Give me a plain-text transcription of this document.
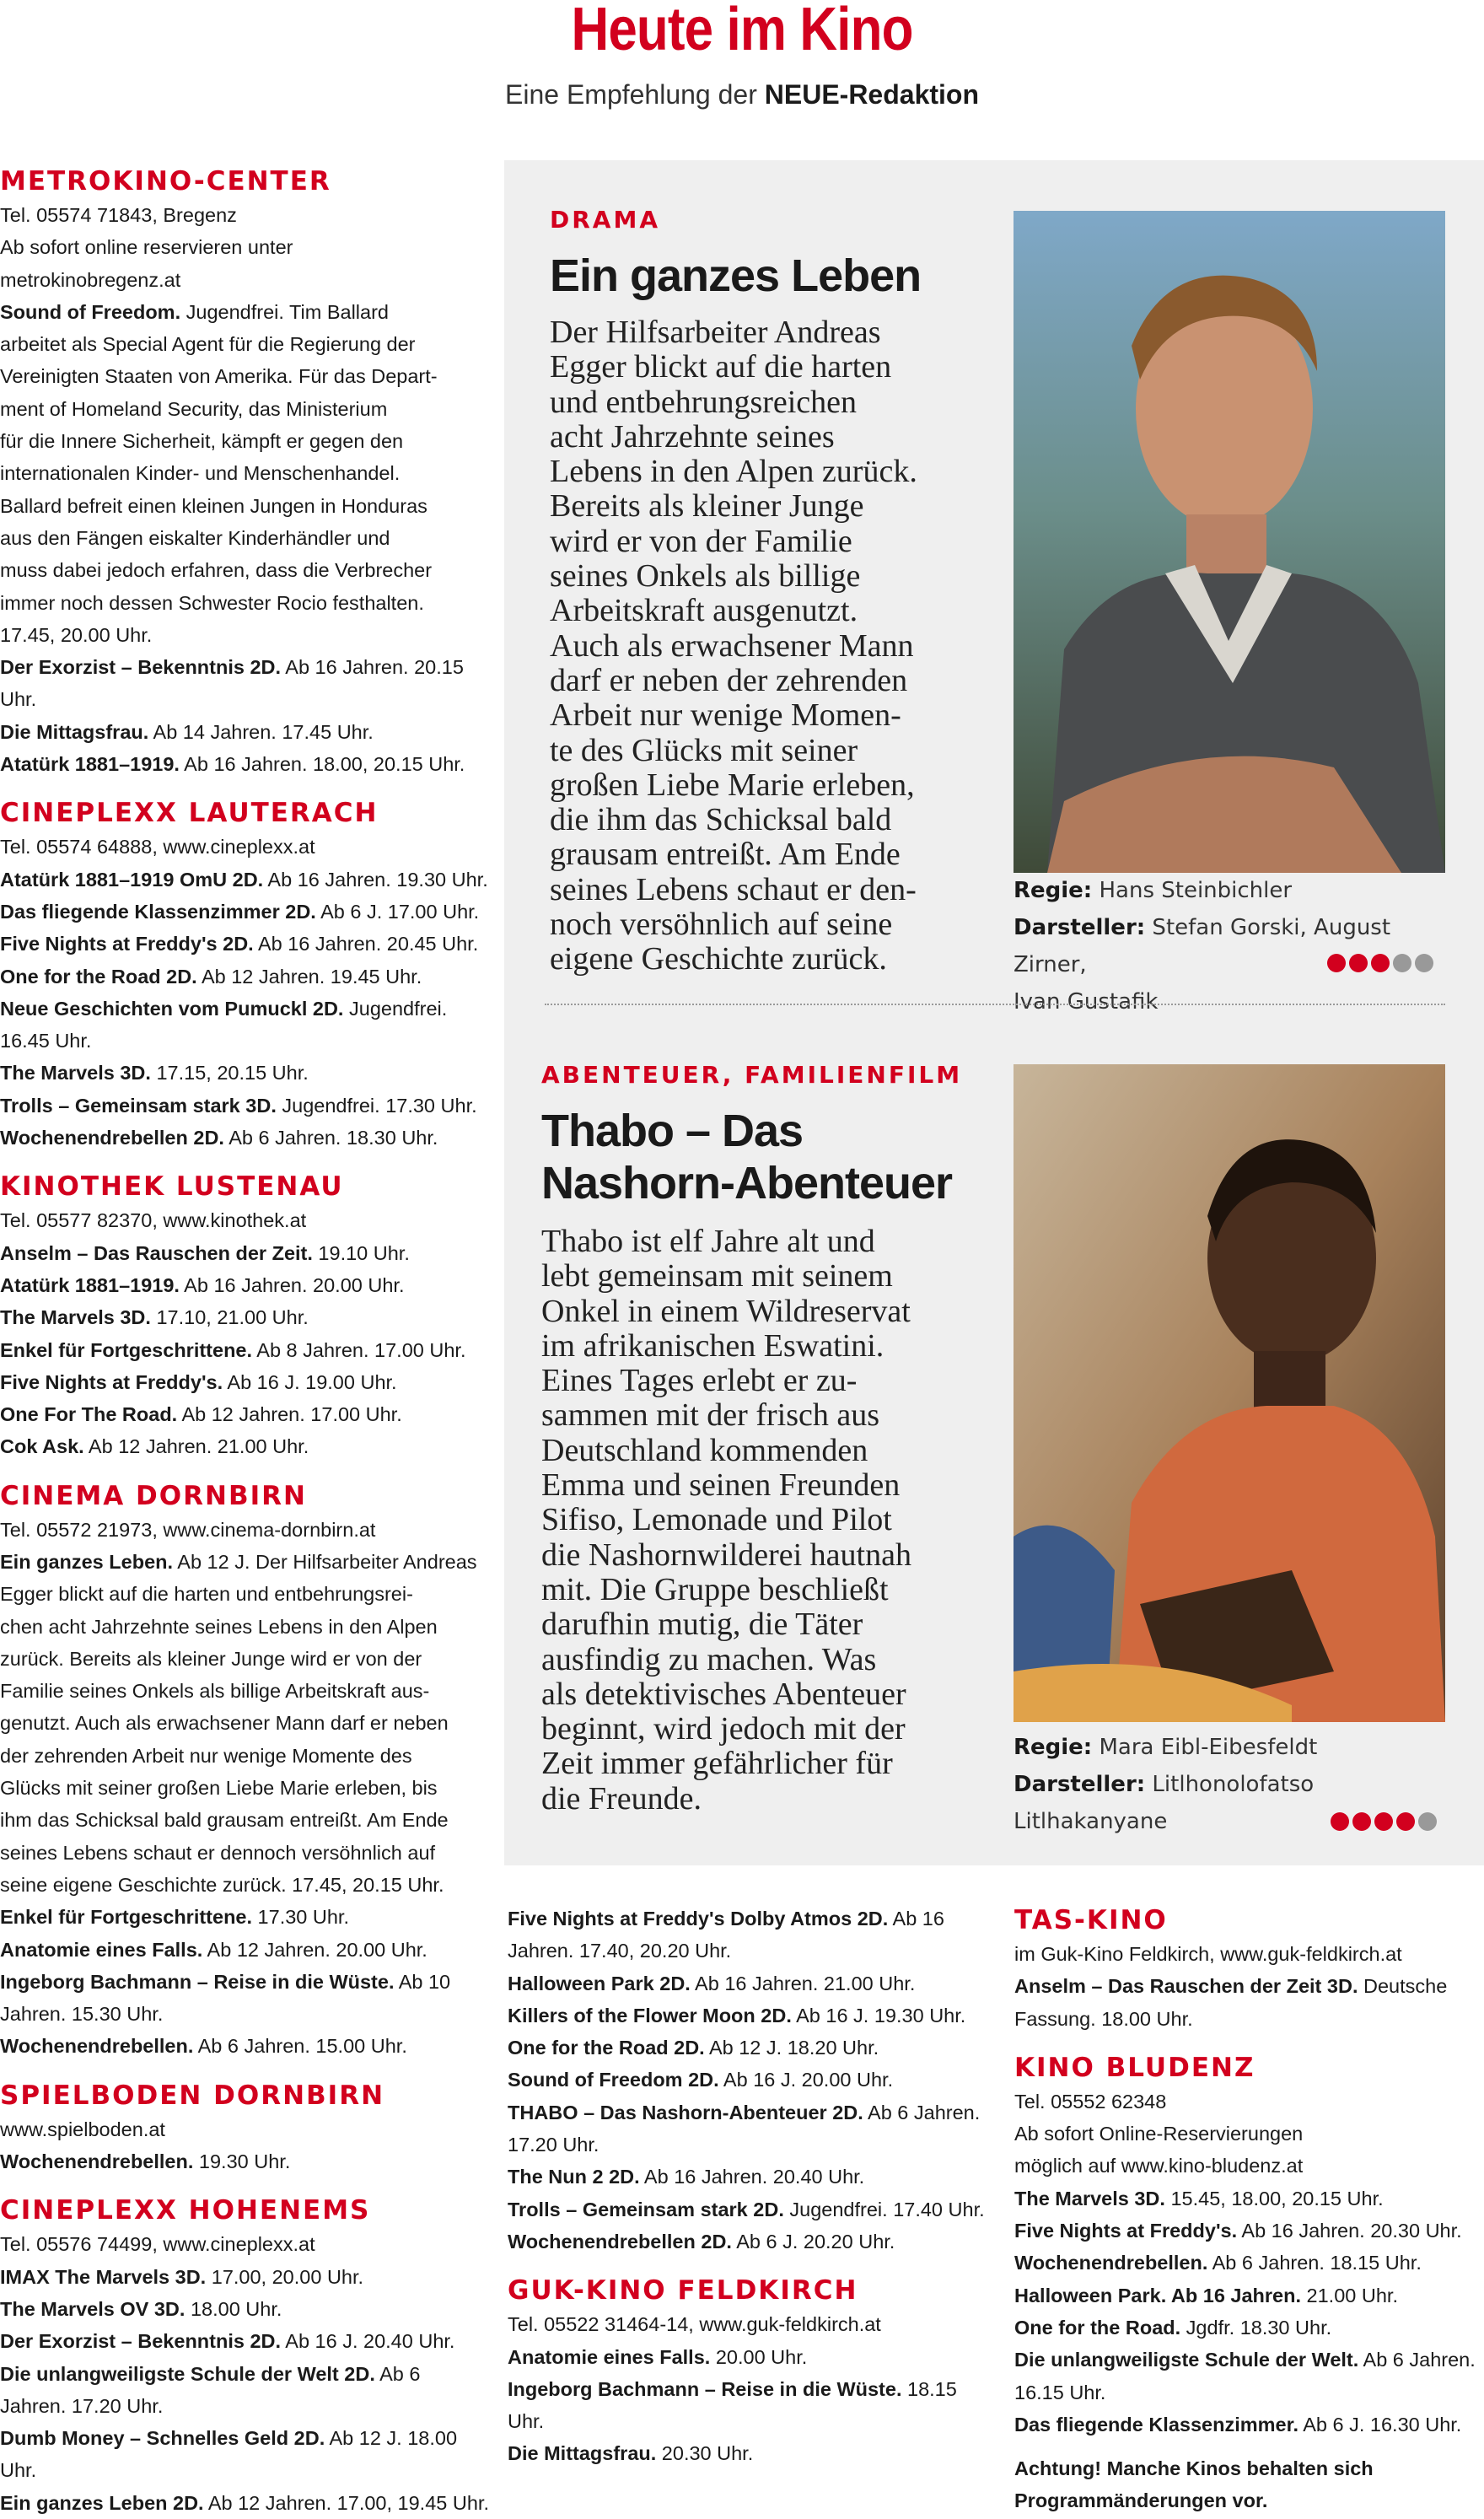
Heute im Kino
Eine Empfehlung der NEUE-Redaktion
METROKINO-CENTER

Tel. 05574 71843, Bregenz

Ab sofort online reservieren unter

metrokinobregenz.at

Sound of Freedom. Jugendfrei. Tim Ballard

arbeitet als Special Agent für die Regierung der

Vereinigten Staaten von Amerika. Für das Depart-

ment of Homeland Security, das Ministerium

für die Innere Sicherheit, kämpft er gegen den

internationalen Kinder- und Menschenhandel.

Ballard befreit einen kleinen Jungen in Honduras

aus den Fängen eiskalter Kinderhändler und

muss dabei jedoch erfahren, dass die Verbrecher

immer noch dessen Schwester Rocio festhalten.

17.45, 20.00 Uhr.

Der Exorzist – Bekenntnis 2D. Ab 16 Jahren. 20.15

Uhr.

Die Mittagsfrau. Ab 14 Jahren. 17.45 Uhr.

Atatürk 1881–1919. Ab 16 Jahren. 18.00, 20.15 Uhr.

CINEPLEXX LAUTERACH

Tel. 05574 64888, www.cineplexx.at

Atatürk 1881–1919 OmU 2D. Ab 16 Jahren. 19.30 Uhr.

Das fliegende Klassenzimmer 2D. Ab 6 J. 17.00 Uhr.

Five Nights at Freddy's 2D. Ab 16 Jahren. 20.45 Uhr.

One for the Road 2D. Ab 12 Jahren. 19.45 Uhr.

Neue Geschichten vom Pumuckl 2D. Jugendfrei.

16.45 Uhr.

The Marvels 3D. 17.15, 20.15 Uhr.

Trolls – Gemeinsam stark 3D. Jugendfrei. 17.30 Uhr.

Wochenendrebellen 2D. Ab 6 Jahren. 18.30 Uhr.

KINOTHEK LUSTENAU

Tel. 05577 82370, www.kinothek.at

Anselm – Das Rauschen der Zeit. 19.10 Uhr.

Atatürk 1881–1919. Ab 16 Jahren. 20.00 Uhr.

The Marvels 3D. 17.10, 21.00 Uhr.

Enkel für Fortgeschrittene. Ab 8 Jahren. 17.00 Uhr.

Five Nights at Freddy's. Ab 16 J. 19.00 Uhr.

One For The Road. Ab 12 Jahren. 17.00 Uhr.

Cok Ask. Ab 12 Jahren. 21.00 Uhr.

CINEMA DORNBIRN

Tel. 05572 21973, www.cinema-dornbirn.at

Ein ganzes Leben. Ab 12 J. Der Hilfsarbeiter Andreas

Egger blickt auf die harten und entbehrungsrei-

chen acht Jahrzehnte seines Lebens in den Alpen

zurück. Bereits als kleiner Junge wird er von der

Familie seines Onkels als billige Arbeitskraft aus-

genutzt. Auch als erwachsener Mann darf er neben

der zehrenden Arbeit nur wenige Momente des

Glücks mit seiner großen Liebe Marie erleben, bis

ihm das Schicksal bald grausam entreißt. Am Ende

seines Lebens schaut er dennoch versöhnlich auf

seine eigene Geschichte zurück. 17.45, 20.15 Uhr.

Enkel für Fortgeschrittene. 17.30 Uhr.

Anatomie eines Falls. Ab 12 Jahren. 20.00 Uhr.

Ingeborg Bachmann – Reise in die Wüste. Ab 10

Jahren. 15.30 Uhr.

Wochenendrebellen. Ab 6 Jahren. 15.00 Uhr.

SPIELBODEN DORNBIRN

www.spielboden.at

Wochenendrebellen. 19.30 Uhr.

CINEPLEXX HOHENEMS

Tel. 05576 74499, www.cineplexx.at

IMAX The Marvels 3D. 17.00, 20.00 Uhr.

The Marvels OV 3D. 18.00 Uhr.

Der Exorzist – Bekenntnis 2D. Ab 16 J. 20.40 Uhr.

Die unlangweiligste Schule der Welt 2D. Ab 6

Jahren. 17.20 Uhr.

Dumb Money – Schnelles Geld 2D. Ab 12 J. 18.00 Uhr.

Ein ganzes Leben 2D. Ab 12 Jahren. 17.00, 19.45 Uhr.

Five Nights at Freddy's Dolby Atmos 2D. Ab 16

Jahren. 17.40, 20.20 Uhr.

Halloween Park 2D. Ab 16 Jahren. 21.00 Uhr.

Killers of the Flower Moon 2D. Ab 16 J. 19.30 Uhr.

One for the Road 2D. Ab 12 J. 18.20 Uhr.

Sound of Freedom 2D. Ab 16 J. 20.00 Uhr.

THABO – Das Nashorn-Abenteuer 2D. Ab 6 Jahren.

17.20 Uhr.

The Nun 2 2D. Ab 16 Jahren. 20.40 Uhr.

Trolls – Gemeinsam stark 2D. Jugendfrei. 17.40 Uhr.

Wochenendrebellen 2D. Ab 6 J. 20.20 Uhr.

GUK-KINO FELDKIRCH

Tel. 05522 31464-14, www.guk-feldkirch.at

Anatomie eines Falls. 20.00 Uhr.

Ingeborg Bachmann – Reise in die Wüste. 18.15

Uhr.

Die Mittagsfrau. 20.30 Uhr.

TAS-KINO

im Guk-Kino Feldkirch, www.guk-feldkirch.at

Anselm – Das Rauschen der Zeit 3D. Deutsche

Fassung. 18.00 Uhr.

KINO BLUDENZ

Tel. 05552 62348

Ab sofort Online-Reservierungen

möglich auf www.kino-bludenz.at

The Marvels 3D. 15.45, 18.00, 20.15 Uhr.

Five Nights at Freddy's. Ab 16 Jahren. 20.30 Uhr.

Wochenendrebellen. Ab 6 Jahren. 18.15 Uhr.

Halloween Park. Ab 16 Jahren. 21.00 Uhr.

One for the Road. Jgdfr. 18.30 Uhr.

Die unlangweiligste Schule der Welt. Ab 6 Jahren.

16.15 Uhr.

Das fliegende Klassenzimmer. Ab 6 J. 16.30 Uhr.

Achtung! Manche Kinos behalten sich

Programmänderungen vor.

DRAMA
Ein ganzes Leben
Der Hilfsarbeiter Andreas
Egger blickt auf die harten
und entbehrungsreichen
acht Jahrzehnte seines
Lebens in den Alpen zurück.
Bereits als kleiner Junge
wird er von der Familie
seines Onkels als billige
Arbeitskraft ausgenutzt.
Auch als erwachsener Mann
darf er neben der zehrenden
Arbeit nur wenige Momen-
te des Glücks mit seiner
großen Liebe Marie erleben,
die ihm das Schicksal bald
grausam entreißt. Am Ende
seines Lebens schaut er den-
noch versöhnlich auf seine
eigene Geschichte zurück.
Regie: Hans Steinbichler
Darsteller: Stefan Gorski, August Zirner,
Ivan Gustafik
ABENTEUER, FAMILIENFILM
Thabo – Das
Nashorn-Abenteuer
Thabo ist elf Jahre alt und
lebt gemeinsam mit seinem
Onkel in einem Wildreservat
im afrikanischen Eswatini.
Eines Tages erlebt er zu-
sammen mit der frisch aus
Deutschland kommenden
Emma und seinen Freunden
Sifiso, Lemonade und Pilot
die Nashornwilderei hautnah
mit. Die Gruppe beschließt
darufhin mutig, die Täter
ausfindig zu machen. Was
als detektivisches Abenteuer
beginnt, wird jedoch mit der
Zeit immer gefährlicher für
die Freunde.
Regie: Mara Eibl-Eibesfeldt
Darsteller: Litlhonolofatso
Litlhakanyane
